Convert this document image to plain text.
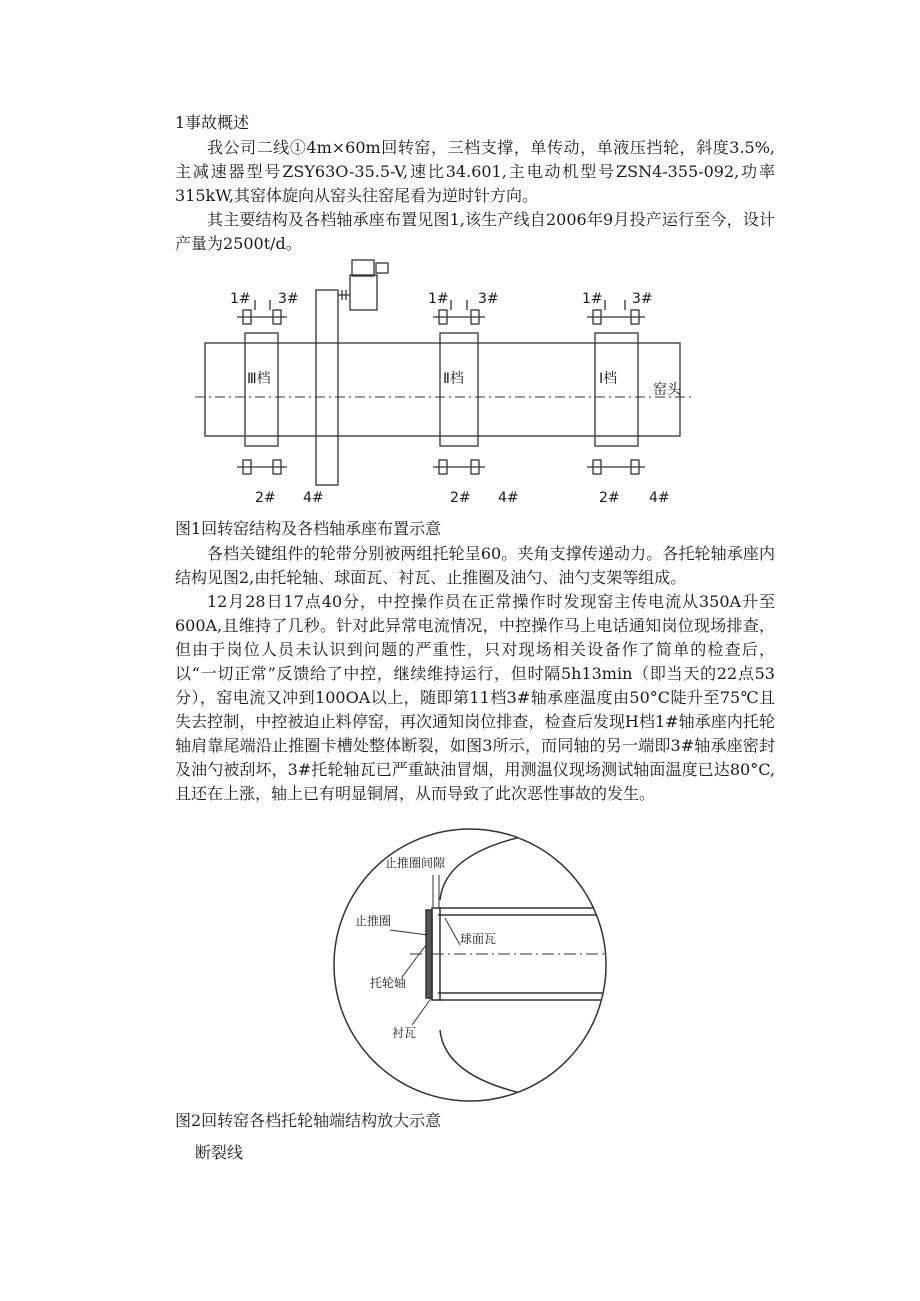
1事故概述

我公司二线①4m×60m回转窑，三档支撑，单传动，单液压挡轮，斜度3.5%,主减速器型号ZSY63O-35.5-V,速比34.601,主电动机型号ZSN4-355-092,功率315kW,其窑体旋向从窑头往窑尾看为逆时针方向。

其主要结构及各档轴承座布置见图1,该生产线自2006年9月投产运行至今，设计产量为2500t/d。

Ⅲ档	Ⅱ档	Ⅰ档
窑头
1# 3#	1# 3#	1# 3#
2# 4#	2# 4#	2# 4#
图1回转窑结构及各档轴承座布置示意

各档关键组件的轮带分别被两组托轮呈60。夹角支撑传递动力。各托轮轴承座内结构见图2,由托轮轴、球面瓦、衬瓦、止推圈及油勺、油勺支架等组成。

12月28日17点40分，中控操作员在正常操作时发现窑主传电流从350A升至600A,且维持了几秒。针对此异常电流情况，中控操作马上电话通知岗位现场排查，但由于岗位人员未认识到问题的严重性，只对现场相关设备作了简单的检查后，以“一切正常”反馈给了中控，继续维持运行，但时隔5h13min（即当天的22点53分），窑电流又冲到100OA以上，随即第11档3#轴承座温度由50°C陡升至75℃且失去控制，中控被迫止料停窑，再次通知岗位排查，检查后发现H档1#轴承座内托轮轴肩靠尾端沿止推圈卡槽处整体断裂，如图3所示，而同轴的另一端即3#轴承座密封及油勺被刮坏，3#托轮轴瓦已严重缺油冒烟，用测温仪现场测试轴面温度已达80°C,且还在上涨，轴上已有明显铜屑，从而导致了此次恶性事故的发生。

止推圈间隙
止推圈
球面瓦
托轮轴
衬瓦
图2回转窑各档托轮轴端结构放大示意
断裂线
